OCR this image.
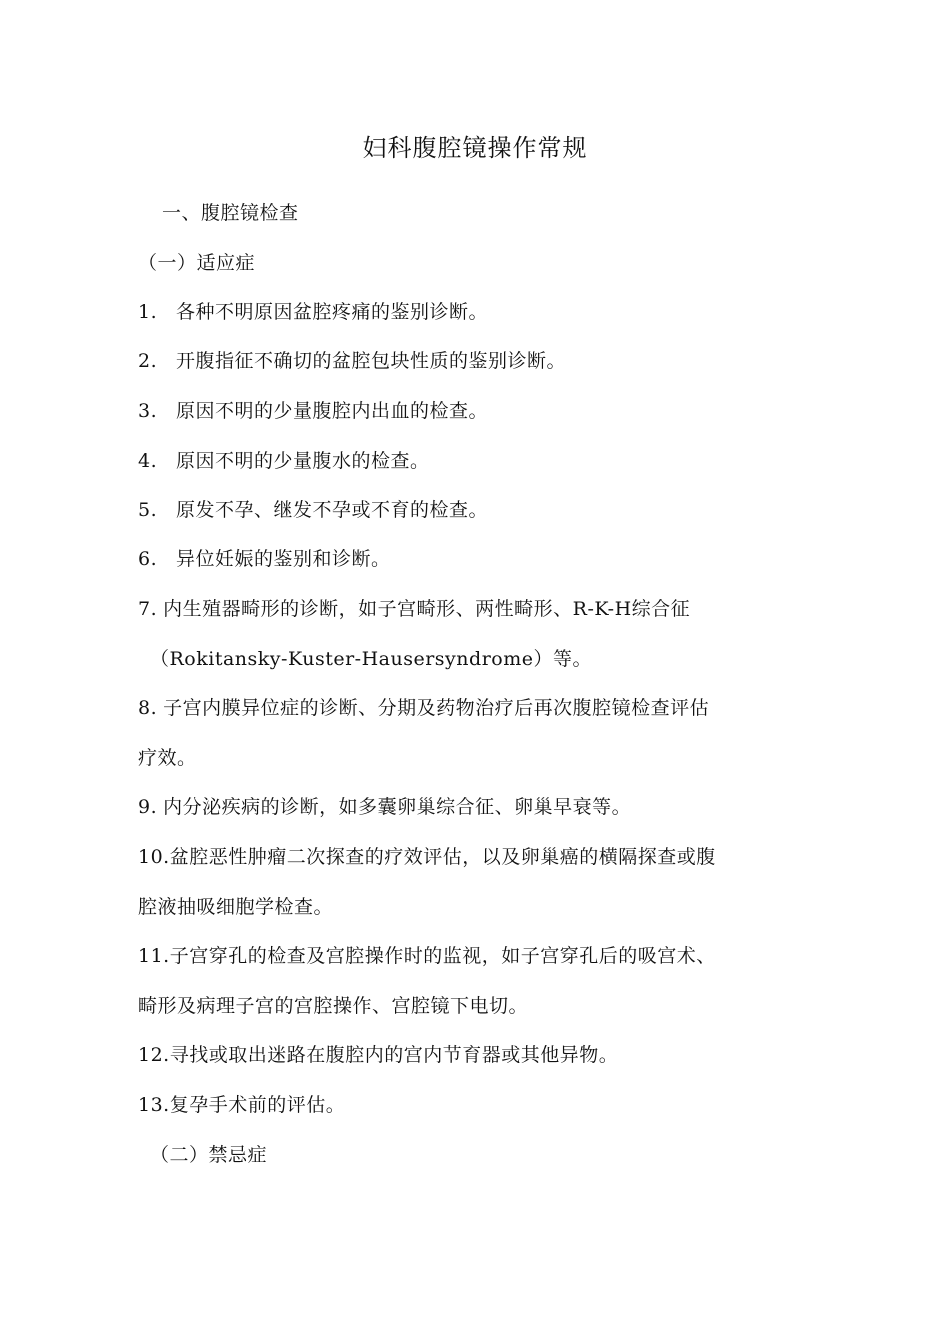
妇科腹腔镜操作常规
一、腹腔镜检查
（一）适应症
1. 各种不明原因盆腔疼痛的鉴别诊断。
2. 开腹指征不确切的盆腔包块性质的鉴别诊断。
3. 原因不明的少量腹腔内出血的检查。
4. 原因不明的少量腹水的检查。
5. 原发不孕、继发不孕或不育的检查。
6. 异位妊娠的鉴别和诊断。
7. 内生殖器畸形的诊断，如子宫畸形、两性畸形、R-K-H综合征
（Rokitansky-Kuster-Hausersyndrome）等。
8. 子宫内膜异位症的诊断、分期及药物治疗后再次腹腔镜检查评估
疗效。
9. 内分泌疾病的诊断，如多囊卵巢综合征、卵巢早衰等。
10.盆腔恶性肿瘤二次探查的疗效评估，以及卵巢癌的横隔探查或腹
腔液抽吸细胞学检查。
11.子宫穿孔的检查及宫腔操作时的监视，如子宫穿孔后的吸宫术、
畸形及病理子宫的宫腔操作、宫腔镜下电切。
12.寻找或取出迷路在腹腔内的宫内节育器或其他异物。
13.复孕手术前的评估。
（二）禁忌症
